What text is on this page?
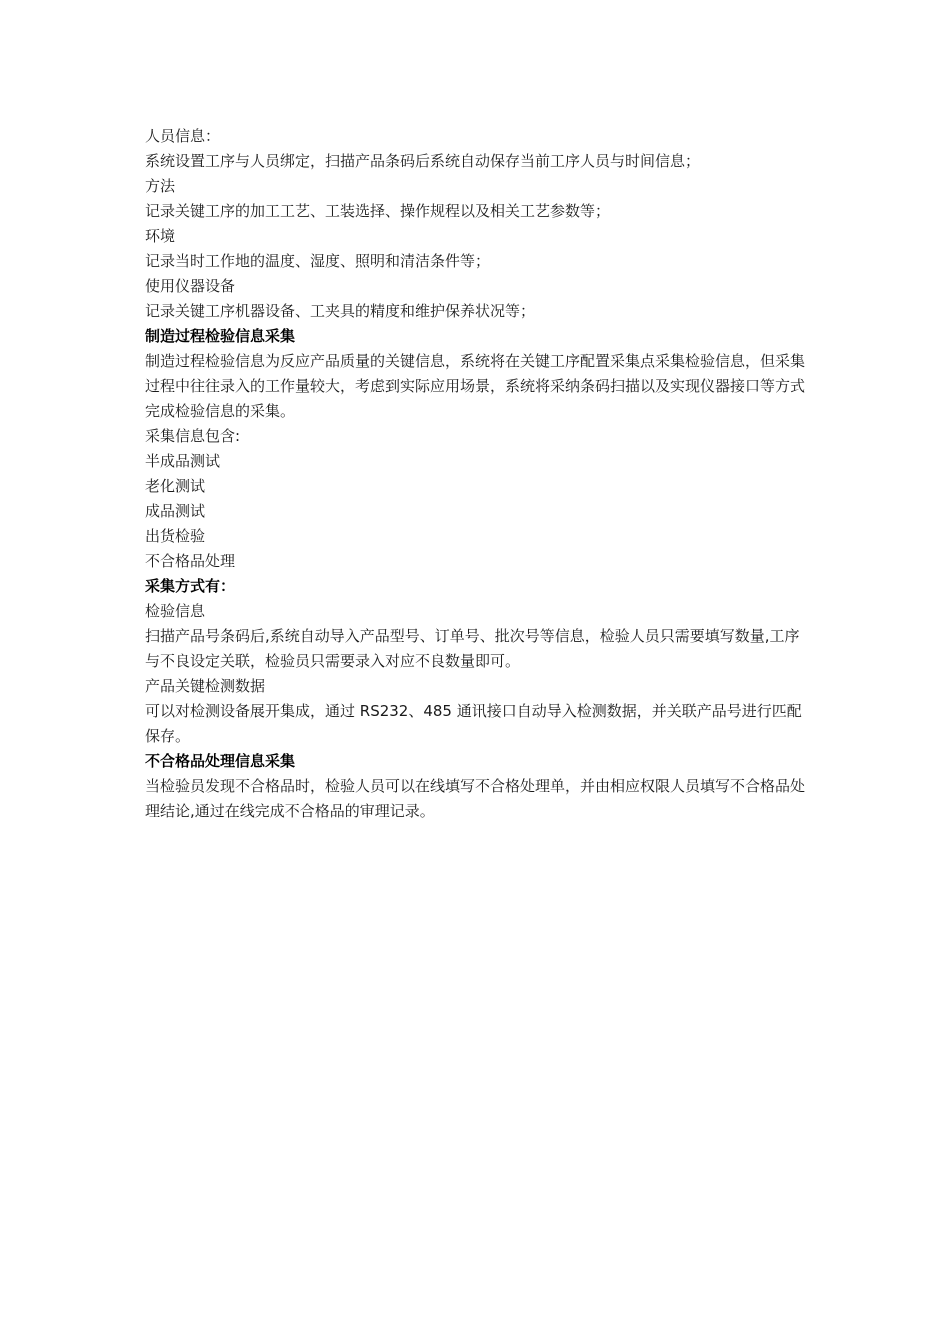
人员信息：

系统设置工序与人员绑定，扫描产品条码后系统自动保存当前工序人员与时间信息；

方法

记录关键工序的加工工艺、工装选择、操作规程以及相关工艺参数等；

环境

记录当时工作地的温度、湿度、照明和清洁条件等；

使用仪器设备

记录关键工序机器设备、工夹具的精度和维护保养状况等；

制造过程检验信息采集

制造过程检验信息为反应产品质量的关键信息，系统将在关键工序配置采集点采集检验信息，但采集过程中往往录入的工作量较大，考虑到实际应用场景，系统将采纳条码扫描以及实现仪器接口等方式完成检验信息的采集。

采集信息包含:

半成品测试

老化测试

成品测试

出货检验

不合格品处理

采集方式有：

检验信息

扫描产品号条码后,系统自动导入产品型号、订单号、批次号等信息，检验人员只需要填写数量,工序与不良设定关联，检验员只需要录入对应不良数量即可。

产品关键检测数据

可以对检测设备展开集成，通过 RS232、485 通讯接口自动导入检测数据，并关联产品号进行匹配保存。

不合格品处理信息采集

当检验员发现不合格品时，检验人员可以在线填写不合格处理单，并由相应权限人员填写不合格品处理结论,通过在线完成不合格品的审理记录。
